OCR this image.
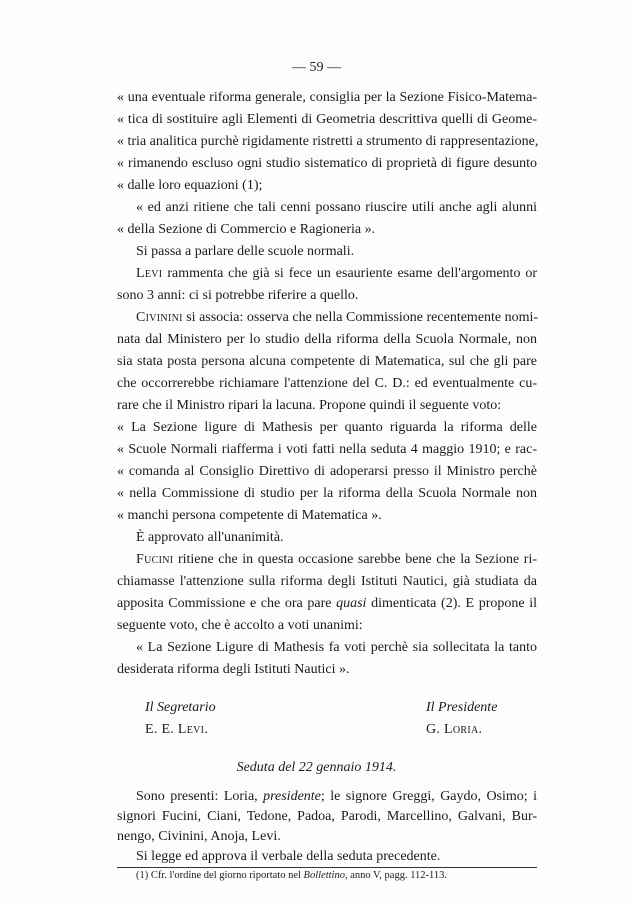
— 59 —
« una eventuale riforma generale, consiglia per la Sezione Fisico-Matema-
« tica di sostituire agli Elementi di Geometria descrittiva quelli di Geome-
« tria analitica purchè rigidamente ristretti a strumento di rappresentazione,
« rimanendo escluso ogni studio sistematico di proprietà di figure desunto
« dalle loro equazioni (1);
« ed anzi ritiene che tali cenni possano riuscire utili anche agli alunni
« della Sezione di Commercio e Ragioneria ».
Si passa a parlare delle scuole normali.
Levi rammenta che già si fece un esauriente esame dell'argomento or
sono 3 anni: ci si potrebbe riferire a quello.
Civinini si associa: osserva che nella Commissione recentemente nomi-
nata dal Ministero per lo studio della riforma della Scuola Normale, non
sia stata posta persona alcuna competente di Matematica, sul che gli pare
che occorrerebbe richiamare l'attenzione del C. D.: ed eventualmente cu-
rare che il Ministro ripari la lacuna. Propone quindi il seguente voto:
« La Sezione ligure di Mathesis per quanto riguarda la riforma delle
« Scuole Normali riafferma i voti fatti nella seduta 4 maggio 1910; e rac-
« comanda al Consiglio Direttivo di adoperarsi presso il Ministro perchè
« nella Commissione di studio per la riforma della Scuola Normale non
« manchi persona competente di Matematica ».
È approvato all'unanimità.
Fucini ritiene che in questa occasione sarebbe bene che la Sezione ri-
chiamasse l'attenzione sulla riforma degli Istituti Nautici, già studiata da
apposita Commissione e che ora pare quasi dimenticata (2). E propone il
seguente voto, che è accolto a voti unanimi:
« La Sezione Ligure di Mathesis fa voti perchè sia sollecitata la tanto
desiderata riforma degli Istituti Nautici ».
Il Segretario
E. E. Levi.
Il Presidente
G. Loria.
Seduta del 22 gennaio 1914.
Sono presenti: Loria, presidente; le signore Greggi, Gaydo, Osimo; i
signori Fucini, Ciani, Tedone, Padoa, Parodi, Marcellino, Galvani, Bur-
nengo, Civinini, Anoja, Levi.
Si legge ed approva il verbale della seduta precedente.
(1) Cfr. l'ordine del giorno riportato nel Bollettino, anno V, pagg. 112-113.
